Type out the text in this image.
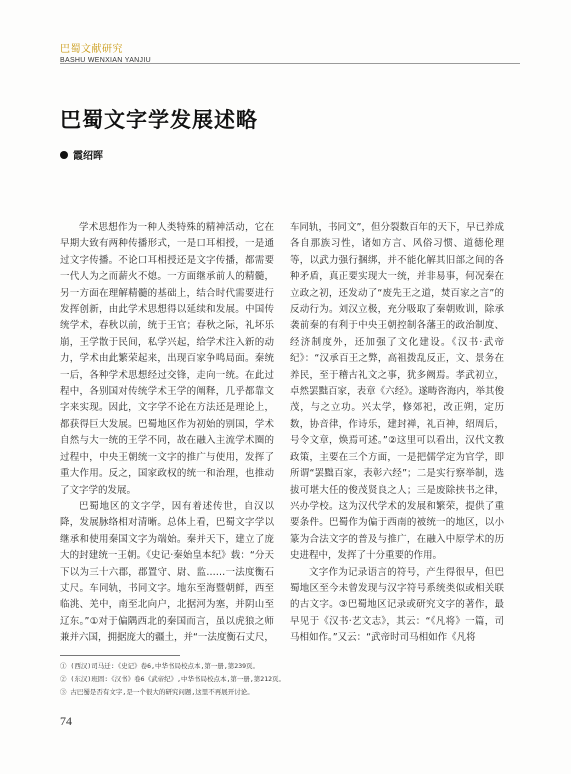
巴蜀文献研究
BASHU WENXIAN YANJIU
巴蜀文字学发展述略
霞绍晖

学术思想作为一种人类特殊的精神活动，它在早期大致有两种传播形式，一是口耳相授，一是通过文字传播。不论口耳相授还是文字传播，都需要一代人为之而薪火不熄。一方面继承前人的精髓，另一方面在理解精髓的基础上，结合时代需要进行发挥创新，由此学术思想得以延续和发展。中国传统学术，春秋以前，统于王官；春秋之际，礼坏乐崩，王学散于民间，私学兴起，给学术注入新的动力，学术由此繁荣起来，出现百家争鸣局面。秦统一后，各种学术思想经过交锋，走向一统。在此过程中，各别国对传统学术王学的阐释，几乎都靠文字来实现。因此，文字学不论在方法还是理论上，都获得巨大发展。巴蜀地区作为初始的别国，学术自然与大一统的王学不同，故在融入主流学术圈的过程中，中央王朝统一文字的推广与使用，发挥了重大作用。反之，国家政权的统一和治理，也推动了文字学的发展。

巴蜀地区的文字学，因有着述传世，自汉以降，发展脉络相对清晰。总体上看，巴蜀文字学以继承和使用秦国文字为端始。秦并天下，建立了庞大的封建统一王朝。《史记·秦始皇本纪》载：“分天下以为三十六郡，郡置守、尉、监……一法度衡石丈尺。车同轨，书同文字。地东至海暨朝鲜，西至临洮、羌中，南至北向户，北据河为塞，并阴山至辽东。”①对于偏隅西北的秦国而言，虽以虎狼之师兼并六国，拥据庞大的疆土，并“一法度衡石丈尺，

车同轨，书同文”，但分裂数百年的天下，早已养成各自那族习性，诸如方言、风俗习惯、道德伦理等，以武力强行捆绑，并不能化解其旧部之间的各种矛盾，真正要实现大一统，并非易事，何况秦在立政之初，还发动了“废先王之道，焚百家之言”的反动行为。刘汉立极，充分吸取了秦朝败训，除承袭前秦的有利于中央王朝控制各藩王的政治制度、经济制度外，还加强了文化建设。《汉书·武帝纪》：“汉承百王之弊，高祖拨乱反正，文、景务在养民，至于稽古礼文之事，犹多阙焉。孝武初立，卓然罢黜百家，表章《六经》。遂畴咨海内，举其俊茂，与之立功。兴太学，修郊祀，改正朔，定历数，协音律，作诗乐，建封禅，礼百神，绍周后，号令文章，焕焉可述。”②这里可以看出，汉代文教政策，主要在三个方面，一是把儒学定为官学，即所谓“罢黜百家，表彰六经”；二是实行察举制，选拔可堪大任的俊茂贤良之人；三是废除挟书之律，兴办学校。这为汉代学术的发展和繁荣，提供了重要条件。巴蜀作为偏于西南的被统一的地区，以小篆为合法文字的普及与推广，在融入中原学术的历史进程中，发挥了十分重要的作用。

文字作为记录语言的符号，产生得很早，但巴蜀地区至今未曾发现与汉字符号系统类似或相关联的古文字。③巴蜀地区记录或研究文字的著作，最早见于《汉书·艺文志》，其云：“《凡将》一篇，司马相如作。”又云：“武帝时司马相如作《凡将

① (西汉)司马迁:《史记》卷6,中华书局校点本,第一册,第239页。
② (东汉)班固:《汉书》卷6《武帝纪》,中华书局校点本,第一册,第212页。
③ 古巴蜀是否有文字,是一个很大的研究问题,这里不再展开讨论。
74
